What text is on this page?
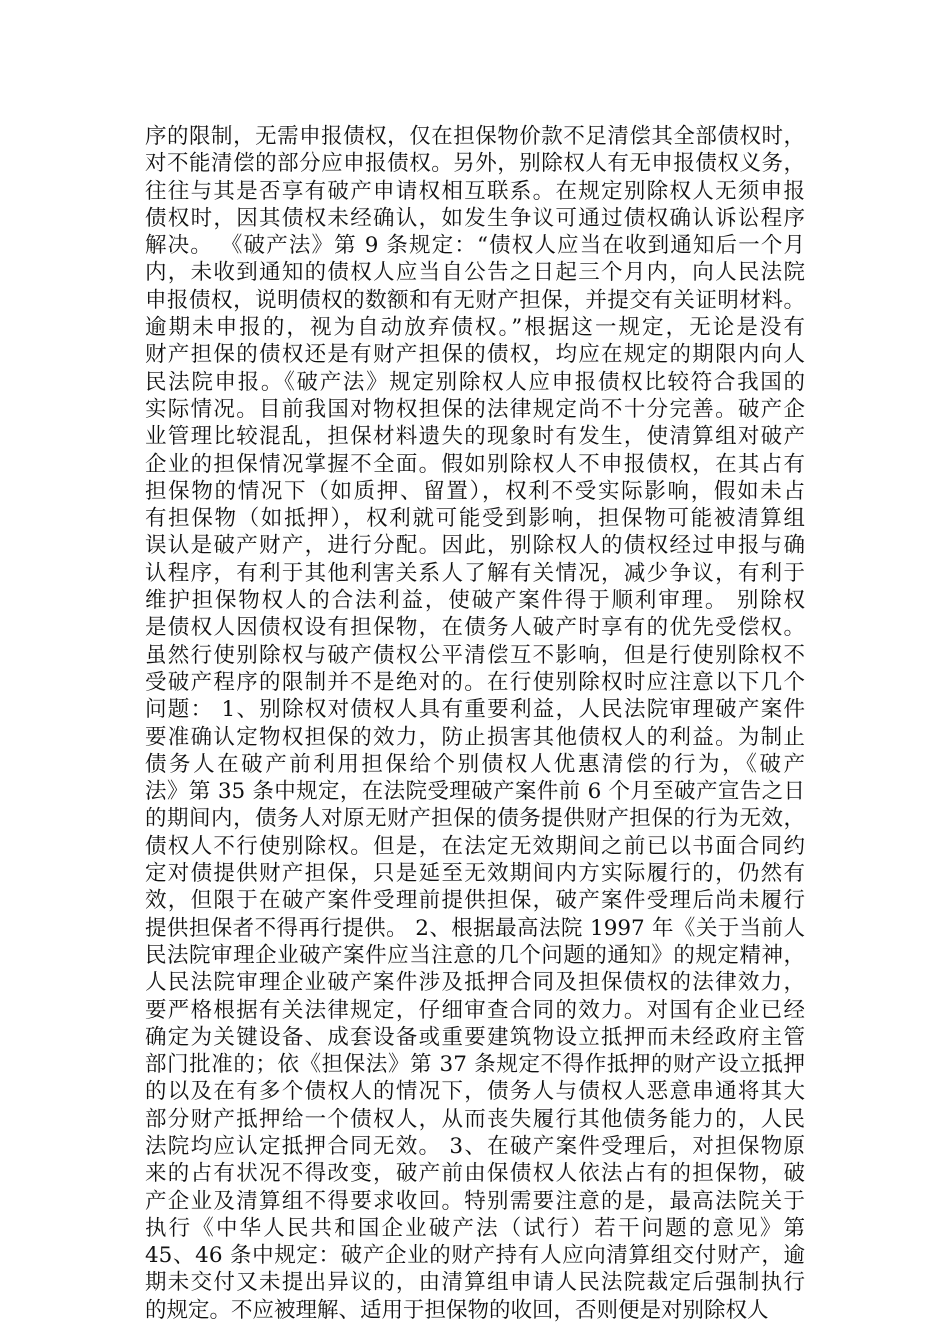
序的限制，无需申报债权，仅在担保物价款不足清偿其全部债权时，
对不能清偿的部分应申报债权。另外，别除权人有无申报债权义务，
往往与其是否享有破产申请权相互联系。在规定别除权人无须申报
债权时，因其债权未经确认，如发生争议可通过债权确认诉讼程序
解决。 《破产法》第 9 条规定：“债权人应当在收到通知后一个月
内，未收到通知的债权人应当自公告之日起三个月内，向人民法院
申报债权，说明债权的数额和有无财产担保，并提交有关证明材料。
逾期未申报的，视为自动放弃债权。”根据这一规定，无论是没有
财产担保的债权还是有财产担保的债权，均应在规定的期限内向人
民法院申报。《破产法》规定别除权人应申报债权比较符合我国的
实际情况。目前我国对物权担保的法律规定尚不十分完善。破产企
业管理比较混乱，担保材料遗失的现象时有发生，使清算组对破产
企业的担保情况掌握不全面。假如别除权人不申报债权，在其占有
担保物的情况下（如质押、留置），权利不受实际影响，假如未占
有担保物（如抵押），权利就可能受到影响，担保物可能被清算组
误认是破产财产，进行分配。因此，别除权人的债权经过申报与确
认程序，有利于其他利害关系人了解有关情况，减少争议，有利于
维护担保物权人的合法利益，使破产案件得于顺利审理。 别除权
是债权人因债权设有担保物，在债务人破产时享有的优先受偿权。
虽然行使别除权与破产债权公平清偿互不影响，但是行使别除权不
受破产程序的限制并不是绝对的。在行使别除权时应注意以下几个
问题： 1、别除权对债权人具有重要利益，人民法院审理破产案件
要准确认定物权担保的效力，防止损害其他债权人的利益。为制止
债务人在破产前利用担保给个别债权人优惠清偿的行为，《破产
法》第 35 条中规定，在法院受理破产案件前 6 个月至破产宣告之日
的期间内，债务人对原无财产担保的债务提供财产担保的行为无效，
债权人不行使别除权。但是，在法定无效期间之前已以书面合同约
定对债提供财产担保，只是延至无效期间内方实际履行的，仍然有
效，但限于在破产案件受理前提供担保，破产案件受理后尚未履行
提供担保者不得再行提供。 2、根据最高法院 1997 年《关于当前人
民法院审理企业破产案件应当注意的几个问题的通知》的规定精神，
人民法院审理企业破产案件涉及抵押合同及担保债权的法律效力，
要严格根据有关法律规定，仔细审查合同的效力。对国有企业已经
确定为关键设备、成套设备或重要建筑物设立抵押而未经政府主管
部门批准的；依《担保法》第 37 条规定不得作抵押的财产设立抵押
的以及在有多个债权人的情况下，债务人与债权人恶意串通将其大
部分财产抵押给一个债权人，从而丧失履行其他债务能力的，人民
法院均应认定抵押合同无效。 3、在破产案件受理后，对担保物原
来的占有状况不得改变，破产前由保债权人依法占有的担保物，破
产企业及清算组不得要求收回。特别需要注意的是，最高法院关于
执行《中华人民共和国企业破产法（试行）若干问题的意见》第
45、46 条中规定：破产企业的财产持有人应向清算组交付财产，逾
期未交付又未提出异议的，由清算组申请人民法院裁定后强制执行
的规定。不应被理解、适用于担保物的收回，否则便是对别除权人
